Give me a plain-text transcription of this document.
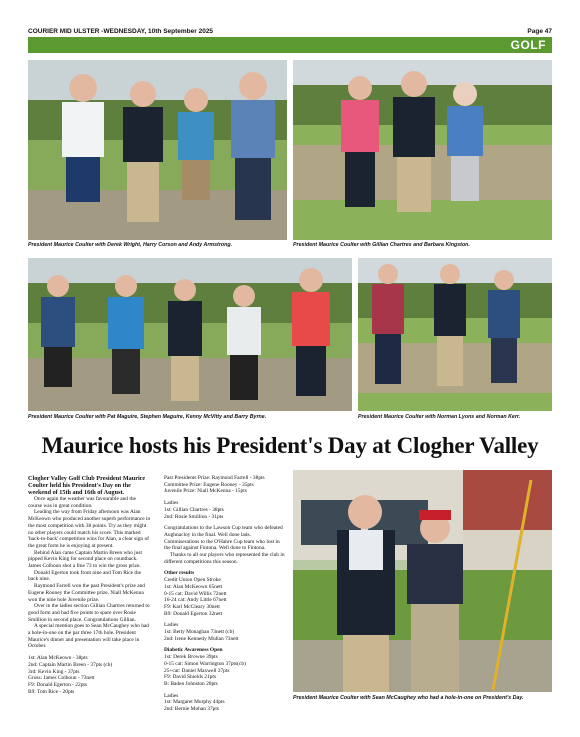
COURIER MID ULSTER -WEDNESDAY, 10th September 2025	Page 47
GOLF
President Maurice Coulter with Derek Wright, Harry Corson and Andy Armstrong.	President Maurice Coulter with Gillian Chartres and Barbara Kingston.
President Maurice Coulter with Pat Maguire, Stephen Maguire, Kenny McVitty and Barry Byrne.	President Maurice Coulter with Norman Lyons and Norman Kerr.
Maurice hosts his President's Day at Clogher Valley
President Maurice Coulter with Sean McCaughey who had a hole-in-one on President's Day.

Clogher Valley Golf Club President Maurice Coulter held his President's Day on the weekend of 15th and 16th of August.

Once again the weather was favourable and the course was in great condition.

Leading the way from Friday afternoon was Alan McKeown who produced another superb performance in the most competition with 38 points. Try as they might no other players could match his score. This marked 'back-to-back' competition wins for Alan, a clear sign of the great form he is enjoying at present.

Behind Alan came Captain Martin Breen who just pipped Kevin King for second place on countback. James Colhoun shot a fine 73 to win the gross prize.

Donald Egerton took front nine and Tom Rice the back nine.

Raymond Farrell won the past President's prize and Eugene Rooney the Committee prize. Niall McKenna won the nine hole Juvenile prize.

Over in the ladies section Gillian Chartres returned to good form and had five points to spare over Rosie Smillion in second place. Congratulations Gillian.

A special mention goes to Sean McCaughey who had a hole-in-one on the par three 17th hole. President Maurice's dinner and presentation will take place in October.

1st: Alan McKeown - 38pts

2nd: Captain Martin Breen - 37pts (cb)

3rd: Kevin King - 37pts

Gross: James Colhoun - 73nett

F9: Donald Egerton - 22pts

B9: Tom Rice - 20pts

Past Presidents Prize: Raymond Farrell - 38pts

Committee Prize: Eugene Rooney - 35pts

Juvenile Prize: Niall McKenna - 15pts

Ladies

1st: Gillian Chartres - 38pts

2nd: Rosie Smillion - 31pts

Congratulations to the Lawson Cup team who defeated Aughnacloy in the final. Well done lads. Commiserations to the O'Hahre Cup team who lost in the final against Fintona. Well done to Fintona.

Thanks to all our players who represented the club in different competitions this season.

Other results

Credit Union Open Stroke

1st: Alan McKeown 65nett

0-15 cat: David Willis 72nett

16-24 cat: Andy Little 67nett

F9: Karl McCleary 30nett

B9: Donald Egerton 32nett

Ladies

1st: Betty Monaghan 73nett (cb)

2nd: Irene Kennedy Mullan 73nett

Diabetic Awareness Open

1st: Derek Browne 39pts

0-15 cat: Simon Warrington 37pts(cb)

25+cat: Daniel Maxwell 37pts

F9: David Shields 21pts

B: Baden Johnston 20pts

Ladies

1st: Margaret Murphy 44pts

2nd: Bernie Mohan 37pts
